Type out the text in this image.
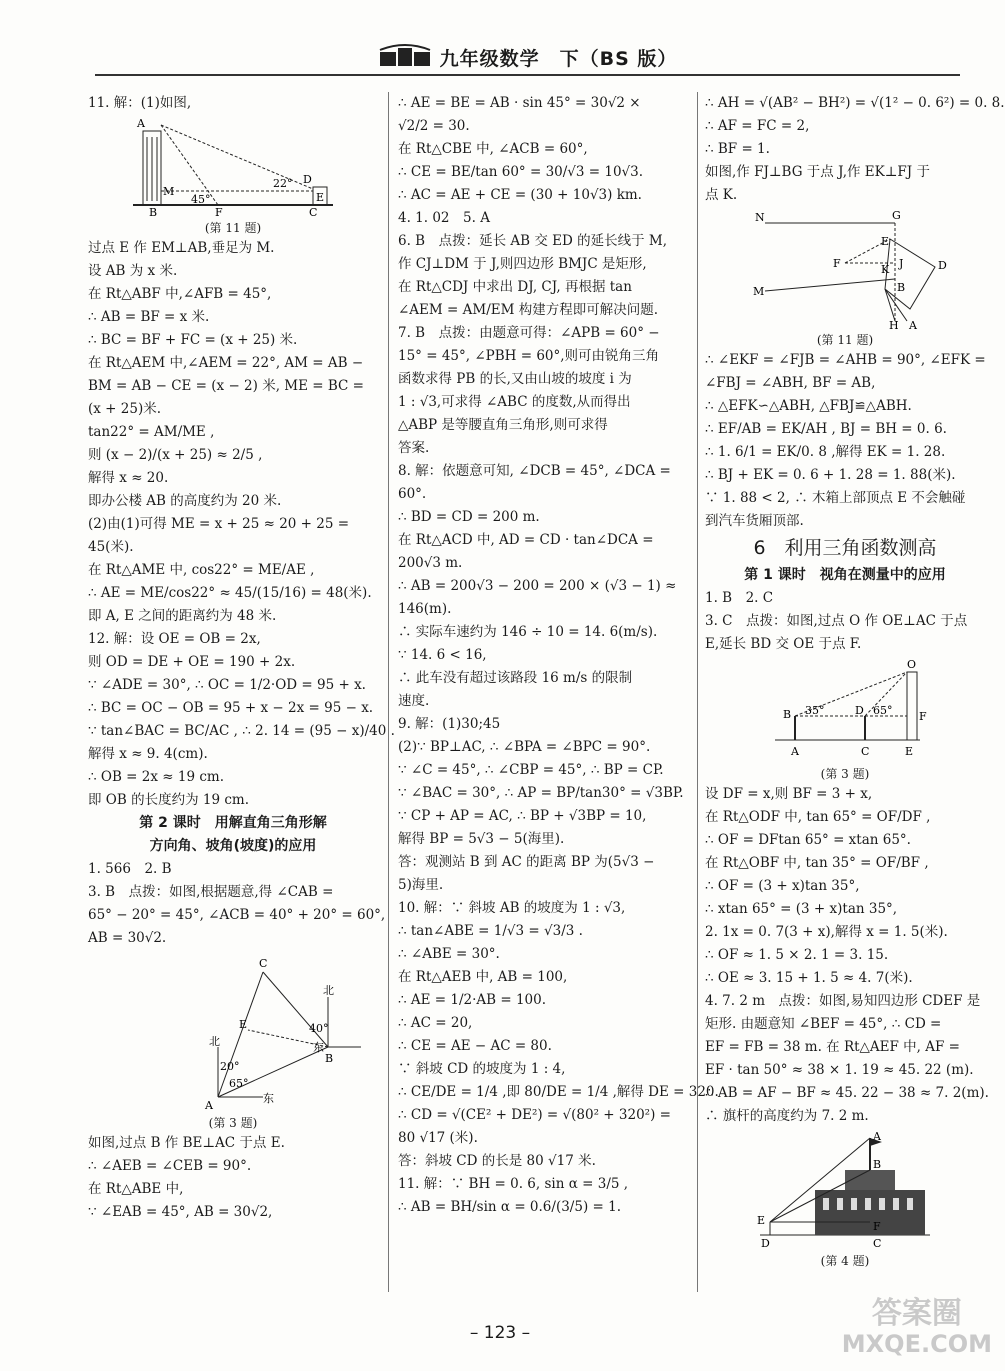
九年级数学　下（BS 版）
11. 解：(1)如图,
A
M
B	F	C
D
E
22°
45°
(第 11 题)
过点 E 作 EM⊥AB,垂足为 M.
设 AB 为 x 米.
在 Rt△ABF 中,∠AFB = 45°,
∴ AB = BF = x 米.
∴ BC = BF + FC = (x + 25) 米.
在 Rt△AEM 中,∠AEM = 22°, AM = AB −
BM = AB − CE = (x − 2) 米, ME = BC =
(x + 25)米.
tan22° = AM/ME ,
则 (x − 2)/(x + 25) ≈ 2/5 ,
解得 x ≈ 20.
即办公楼 AB 的高度约为 20 米.
(2)由(1)可得 ME = x + 25 ≈ 20 + 25 =
45(米).
在 Rt△AME 中, cos22° = ME/AE ,
∴ AE = ME/cos22° ≈ 45/(15/16) = 48(米).
即 A, E 之间的距离约为 48 米.
12. 解：设 OE = OB = 2x,
则 OD = DE + OE = 190 + 2x.
∵ ∠ADE = 30°, ∴ OC = 1/2·OD = 95 + x.
∴ BC = OC − OB = 95 + x − 2x = 95 − x.
∵ tan∠BAC = BC/AC , ∴ 2. 14 = (95 − x)/40 .
解得 x ≈ 9. 4(cm).
∴ OB = 2x ≈ 19 cm.
即 OB 的长度约为 19 cm.
第 2 课时　用解直角三角形解
方向角、坡角(坡度)的应用
1. 566　2. B
3. B　点拨：如图,根据题意,得 ∠CAB =
65° − 20° = 45°, ∠ACB = 40° + 20° = 60°,
AB = 30√2.
C
E
北
40°
北
20°
65°
B
东
A
东
(第 3 题)
如图,过点 B 作 BE⊥AC 于点 E.
∴ ∠AEB = ∠CEB = 90°.
在 Rt△ABE 中,
∵ ∠EAB = 45°, AB = 30√2,
∴ AE = BE = AB · sin 45° = 30√2 ×
√2/2 = 30.
在 Rt△CBE 中, ∠ACB = 60°,
∴ CE = BE/tan 60° = 30/√3 = 10√3.
∴ AC = AE + CE = (30 + 10√3) km.
4. 1. 02　5. A
6. B　点拨：延长 AB 交 ED 的延长线于 M,
作 CJ⊥DM 于 J,则四边形 BMJC 是矩形,
在 Rt△CDJ 中求出 DJ, CJ, 再根据 tan
∠AEM = AM/EM 构建方程即可解决问题.
7. B　点拨：由题意可得：∠APB = 60° −
15° = 45°, ∠PBH = 60°,则可由锐角三角
函数求得 PB 的长,又由山坡的坡度 i 为
1 : √3,可求得 ∠ABC 的度数,从而得出
△ABP 是等腰直角三角形,则可求得
答案.
8. 解：依题意可知, ∠DCB = 45°, ∠DCA =
60°.
∴ BD = CD = 200 m.
在 Rt△ACD 中, AD = CD · tan∠DCA =
200√3 m.
∴ AB = 200√3 − 200 = 200 × (√3 − 1) ≈
146(m).
∴ 实际车速约为 146 ÷ 10 = 14. 6(m/s).
∵ 14. 6 < 16,
∴ 此车没有超过该路段 16 m/s 的限制
速度.
9. 解：(1)30;45
(2)∵ BP⊥AC, ∴ ∠BPA = ∠BPC = 90°.
∵ ∠C = 45°, ∴ ∠CBP = 45°, ∴ BP = CP.
∵ ∠BAC = 30°, ∴ AP = BP/tan30° = √3BP.
∵ CP + AP = AC, ∴ BP + √3BP = 10,
解得 BP = 5√3 − 5(海里).
答：观测站 B 到 AC 的距离 BP 为(5√3 −
5)海里.
10. 解：∵ 斜坡 AB 的坡度为 1 : √3,
∴ tan∠ABE = 1/√3 = √3/3 .
∴ ∠ABE = 30°.
在 Rt△AEB 中, AB = 100,
∴ AE = 1/2·AB = 100.
∴ AC = 20,
∴ CE = AE − AC = 80.
∵ 斜坡 CD 的坡度为 1 : 4,
∴ CE/DE = 1/4 ,即 80/DE = 1/4 ,解得 DE = 320.
∴ CD = √(CE² + DE²) = √(80² + 320²) =
80 √17 (米).
答：斜坡 CD 的长是 80 √17 米.
11. 解：∵ BH = 0. 6, sin α = 3/5 ,
∴ AB = BH/sin α = 0.6/(3/5) = 1.
∴ AH = √(AB² − BH²) = √(1² − 0. 6²) = 0. 8.
∴ AF = FC = 2,
∴ BF = 1.
如图,作 FJ⊥BG 于点 J,作 EK⊥FJ 于
点 K.
N	G
E
F	K J	D
B
M
H A
(第 11 题)
∴ ∠EKF = ∠FJB = ∠AHB = 90°, ∠EFK =
∠FBJ = ∠ABH, BF = AB,
∴ △EFK∽△ABH, △FBJ≌△ABH.
∴ EF/AB = EK/AH , BJ = BH = 0. 6.
∴ 1. 6/1 = EK/0. 8 ,解得 EK = 1. 28.
∴ BJ + EK = 0. 6 + 1. 28 = 1. 88(米).
∵ 1. 88 < 2, ∴ 木箱上部顶点 E 不会触碰
到汽车货厢顶部.
6　利用三角函数测高
第 1 课时　视角在测量中的应用
1. B　2. C
3. C　点拨：如图,过点 O 作 OE⊥AC 于点
E,延长 BD 交 OE 于点 F.
O
B 35°	D 65° F
A	C	E
(第 3 题)
设 DF = x,则 BF = 3 + x,
在 Rt△ODF 中, tan 65° = OF/DF ,
∴ OF = DFtan 65° = xtan 65°.
在 Rt△OBF 中, tan 35° = OF/BF ,
∴ OF = (3 + x)tan 35°,
∴ xtan 65° = (3 + x)tan 35°,
2. 1x = 0. 7(3 + x),解得 x = 1. 5(米).
∴ OF ≈ 1. 5 × 2. 1 = 3. 15.
∴ OE ≈ 3. 15 + 1. 5 ≈ 4. 7(米).
4. 7. 2 m　点拨：如图,易知四边形 CDEF 是
矩形. 由题意知 ∠BEF = 45°, ∴ CD =
EF = FB = 38 m. 在 Rt△AEF 中, AF =
EF · tan 50° ≈ 38 × 1. 19 ≈ 45. 22 (m).
∴ AB = AF − BF ≈ 45. 22 − 38 ≈ 7. 2(m).
∴ 旗杆的高度约为 7. 2 m.
A
B
E	F
C
D
(第 4 题)
– 123 –
答案圈
MXQE.COM
